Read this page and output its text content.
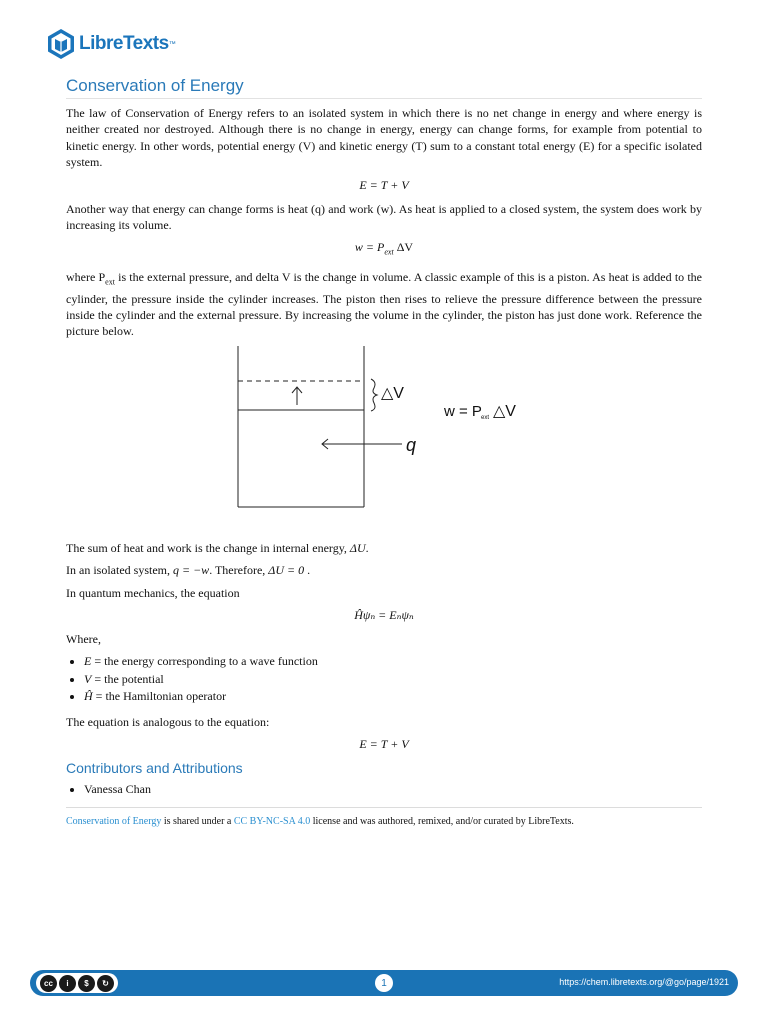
LibreTexts ™
Conservation of Energy

The law of Conservation of Energy refers to an isolated system in which there is no net change in energy and where energy is neither created nor destroyed. Although there is no change in energy, energy can change forms, for example from potential to kinetic energy. In other words, potential energy (V) and kinetic energy (T) sum to a constant total energy (E) for a specific isolated system.

E = T + V

Another way that energy can change forms is heat (q) and work (w). As heat is applied to a closed system, the system does work by increasing its volume.

$w = P_{ext}$ ΔV

where $P_{ext}$ is the external pressure, and delta V is the change in volume. A classic example of this is a piston. As heat is added to the cylinder, the pressure inside the cylinder increases. The piston then rises to relieve the pressure difference between the pressure inside the cylinder and the external pressure. By increasing the volume in the cylinder, the piston has just done work. Reference the picture below.

△V
w = P ext △V
q

The sum of heat and work is the change in internal energy, ΔU.

In an isolated system, q = −w. Therefore, ΔU = 0 .

In quantum mechanics, the equation

Ĥψₙ = Eₙψₙ

Where,

• E = the energy corresponding to a wave function
• V = the potential
• Ĥ = the Hamiltonian operator

The equation is analogous to the equation:

E = T + V
Contributors and Attributions
• Vanessa Chan
Conservation of Energy is shared under a CC BY-NC-SA 4.0 license and was authored, remixed, and/or curated by LibreTexts.
cc	i	$	↻	1	https://chem.libretexts.org/@go/page/1921
